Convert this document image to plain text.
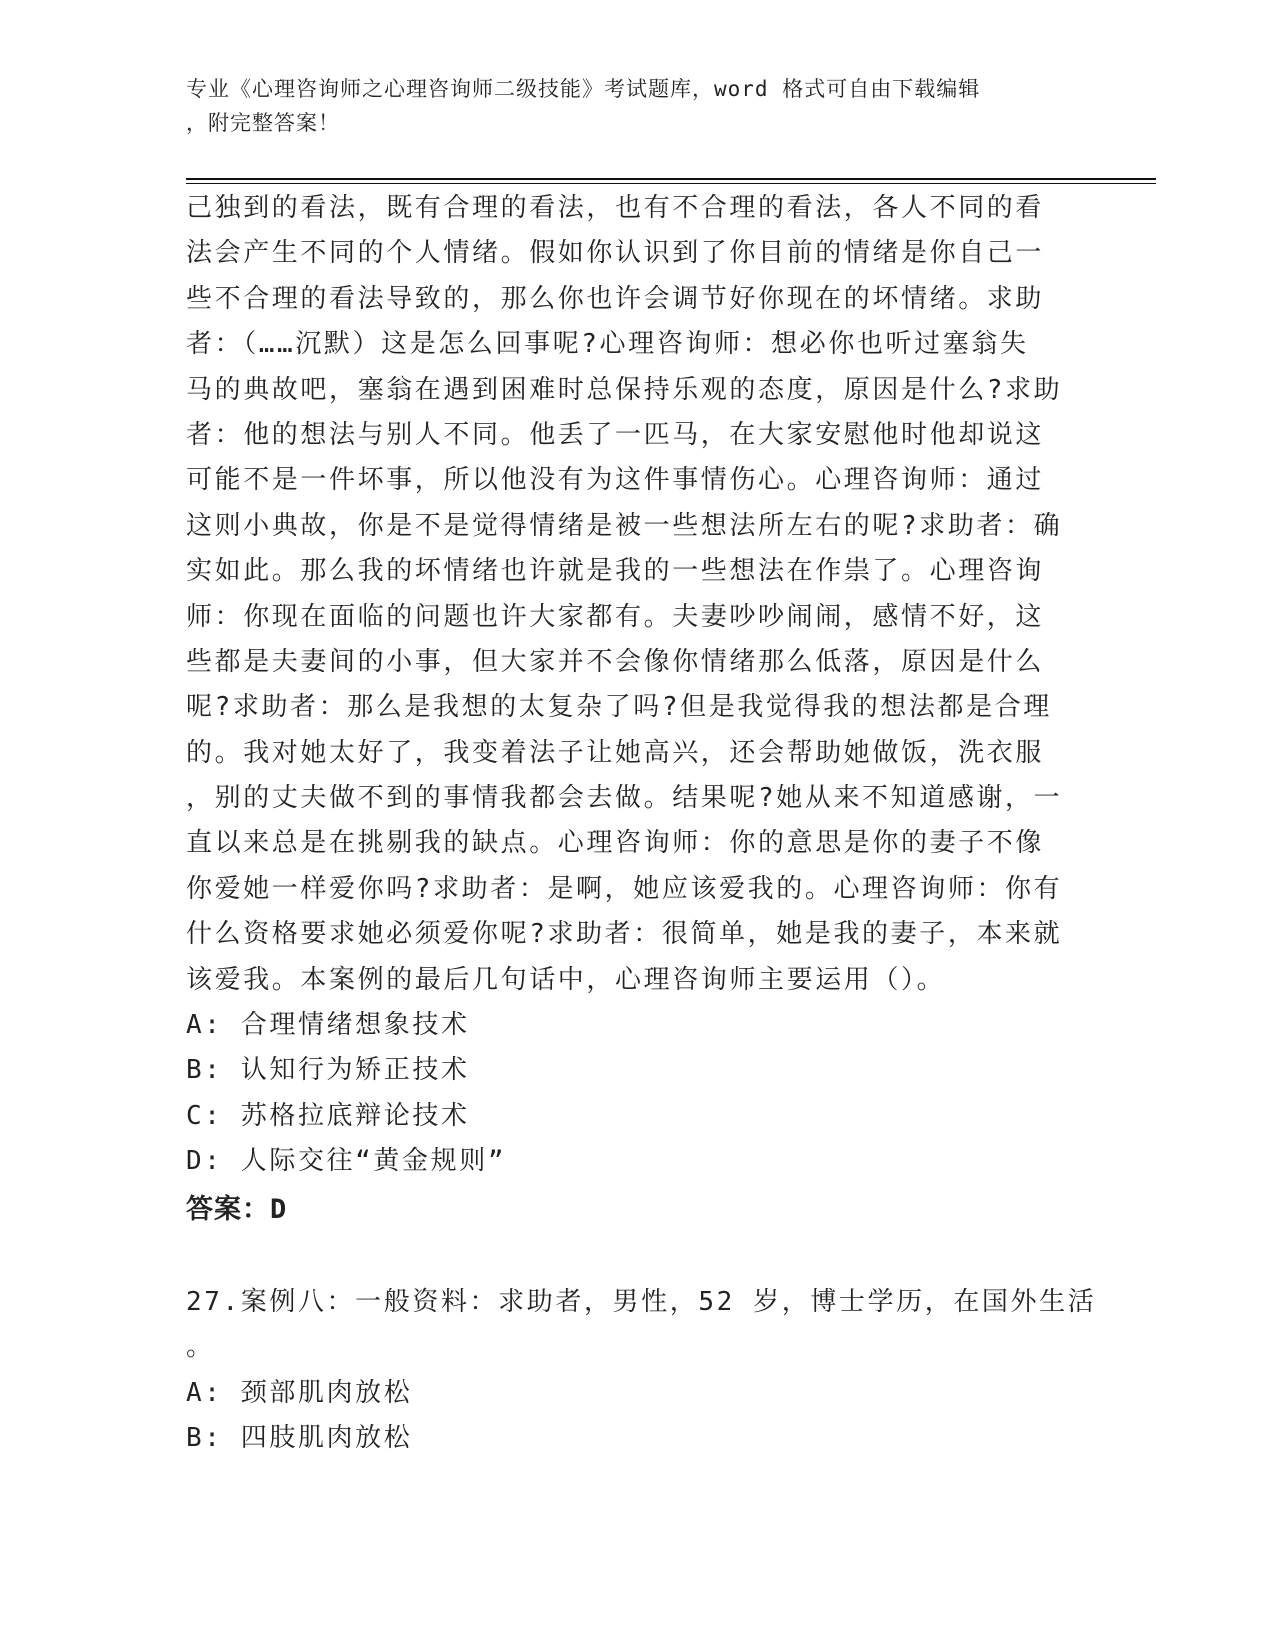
专业《心理咨询师之心理咨询师二级技能》考试题库，word 格式可自由下载编辑
，附完整答案！
己独到的看法，既有合理的看法，也有不合理的看法，各人不同的看
法会产生不同的个人情绪。假如你认识到了你目前的情绪是你自己一
些不合理的看法导致的，那么你也许会调节好你现在的坏情绪。求助
者：（……沉默）这是怎么回事呢?心理咨询师：想必你也听过塞翁失
马的典故吧，塞翁在遇到困难时总保持乐观的态度，原因是什么?求助
者：他的想法与别人不同。他丢了一匹马，在大家安慰他时他却说这
可能不是一件坏事，所以他没有为这件事情伤心。心理咨询师：通过
这则小典故，你是不是觉得情绪是被一些想法所左右的呢?求助者：确
实如此。那么我的坏情绪也许就是我的一些想法在作祟了。心理咨询
师：你现在面临的问题也许大家都有。夫妻吵吵闹闹，感情不好，这
些都是夫妻间的小事，但大家并不会像你情绪那么低落，原因是什么
呢?求助者：那么是我想的太复杂了吗?但是我觉得我的想法都是合理
的。我对她太好了，我变着法子让她高兴，还会帮助她做饭，洗衣服
，别的丈夫做不到的事情我都会去做。结果呢?她从来不知道感谢，一
直以来总是在挑剔我的缺点。心理咨询师：你的意思是你的妻子不像
你爱她一样爱你吗?求助者：是啊，她应该爱我的。心理咨询师：你有
什么资格要求她必须爱你呢?求助者：很简单，她是我的妻子，本来就
该爱我。本案例的最后几句话中，心理咨询师主要运用（）。
A: 合理情绪想象技术
B: 认知行为矫正技术
C: 苏格拉底辩论技术
D: 人际交往“黄金规则”
答案：D
27.案例八：一般资料：求助者，男性，52 岁，博士学历，在国外生活
。
A: 颈部肌肉放松
B: 四肢肌肉放松
